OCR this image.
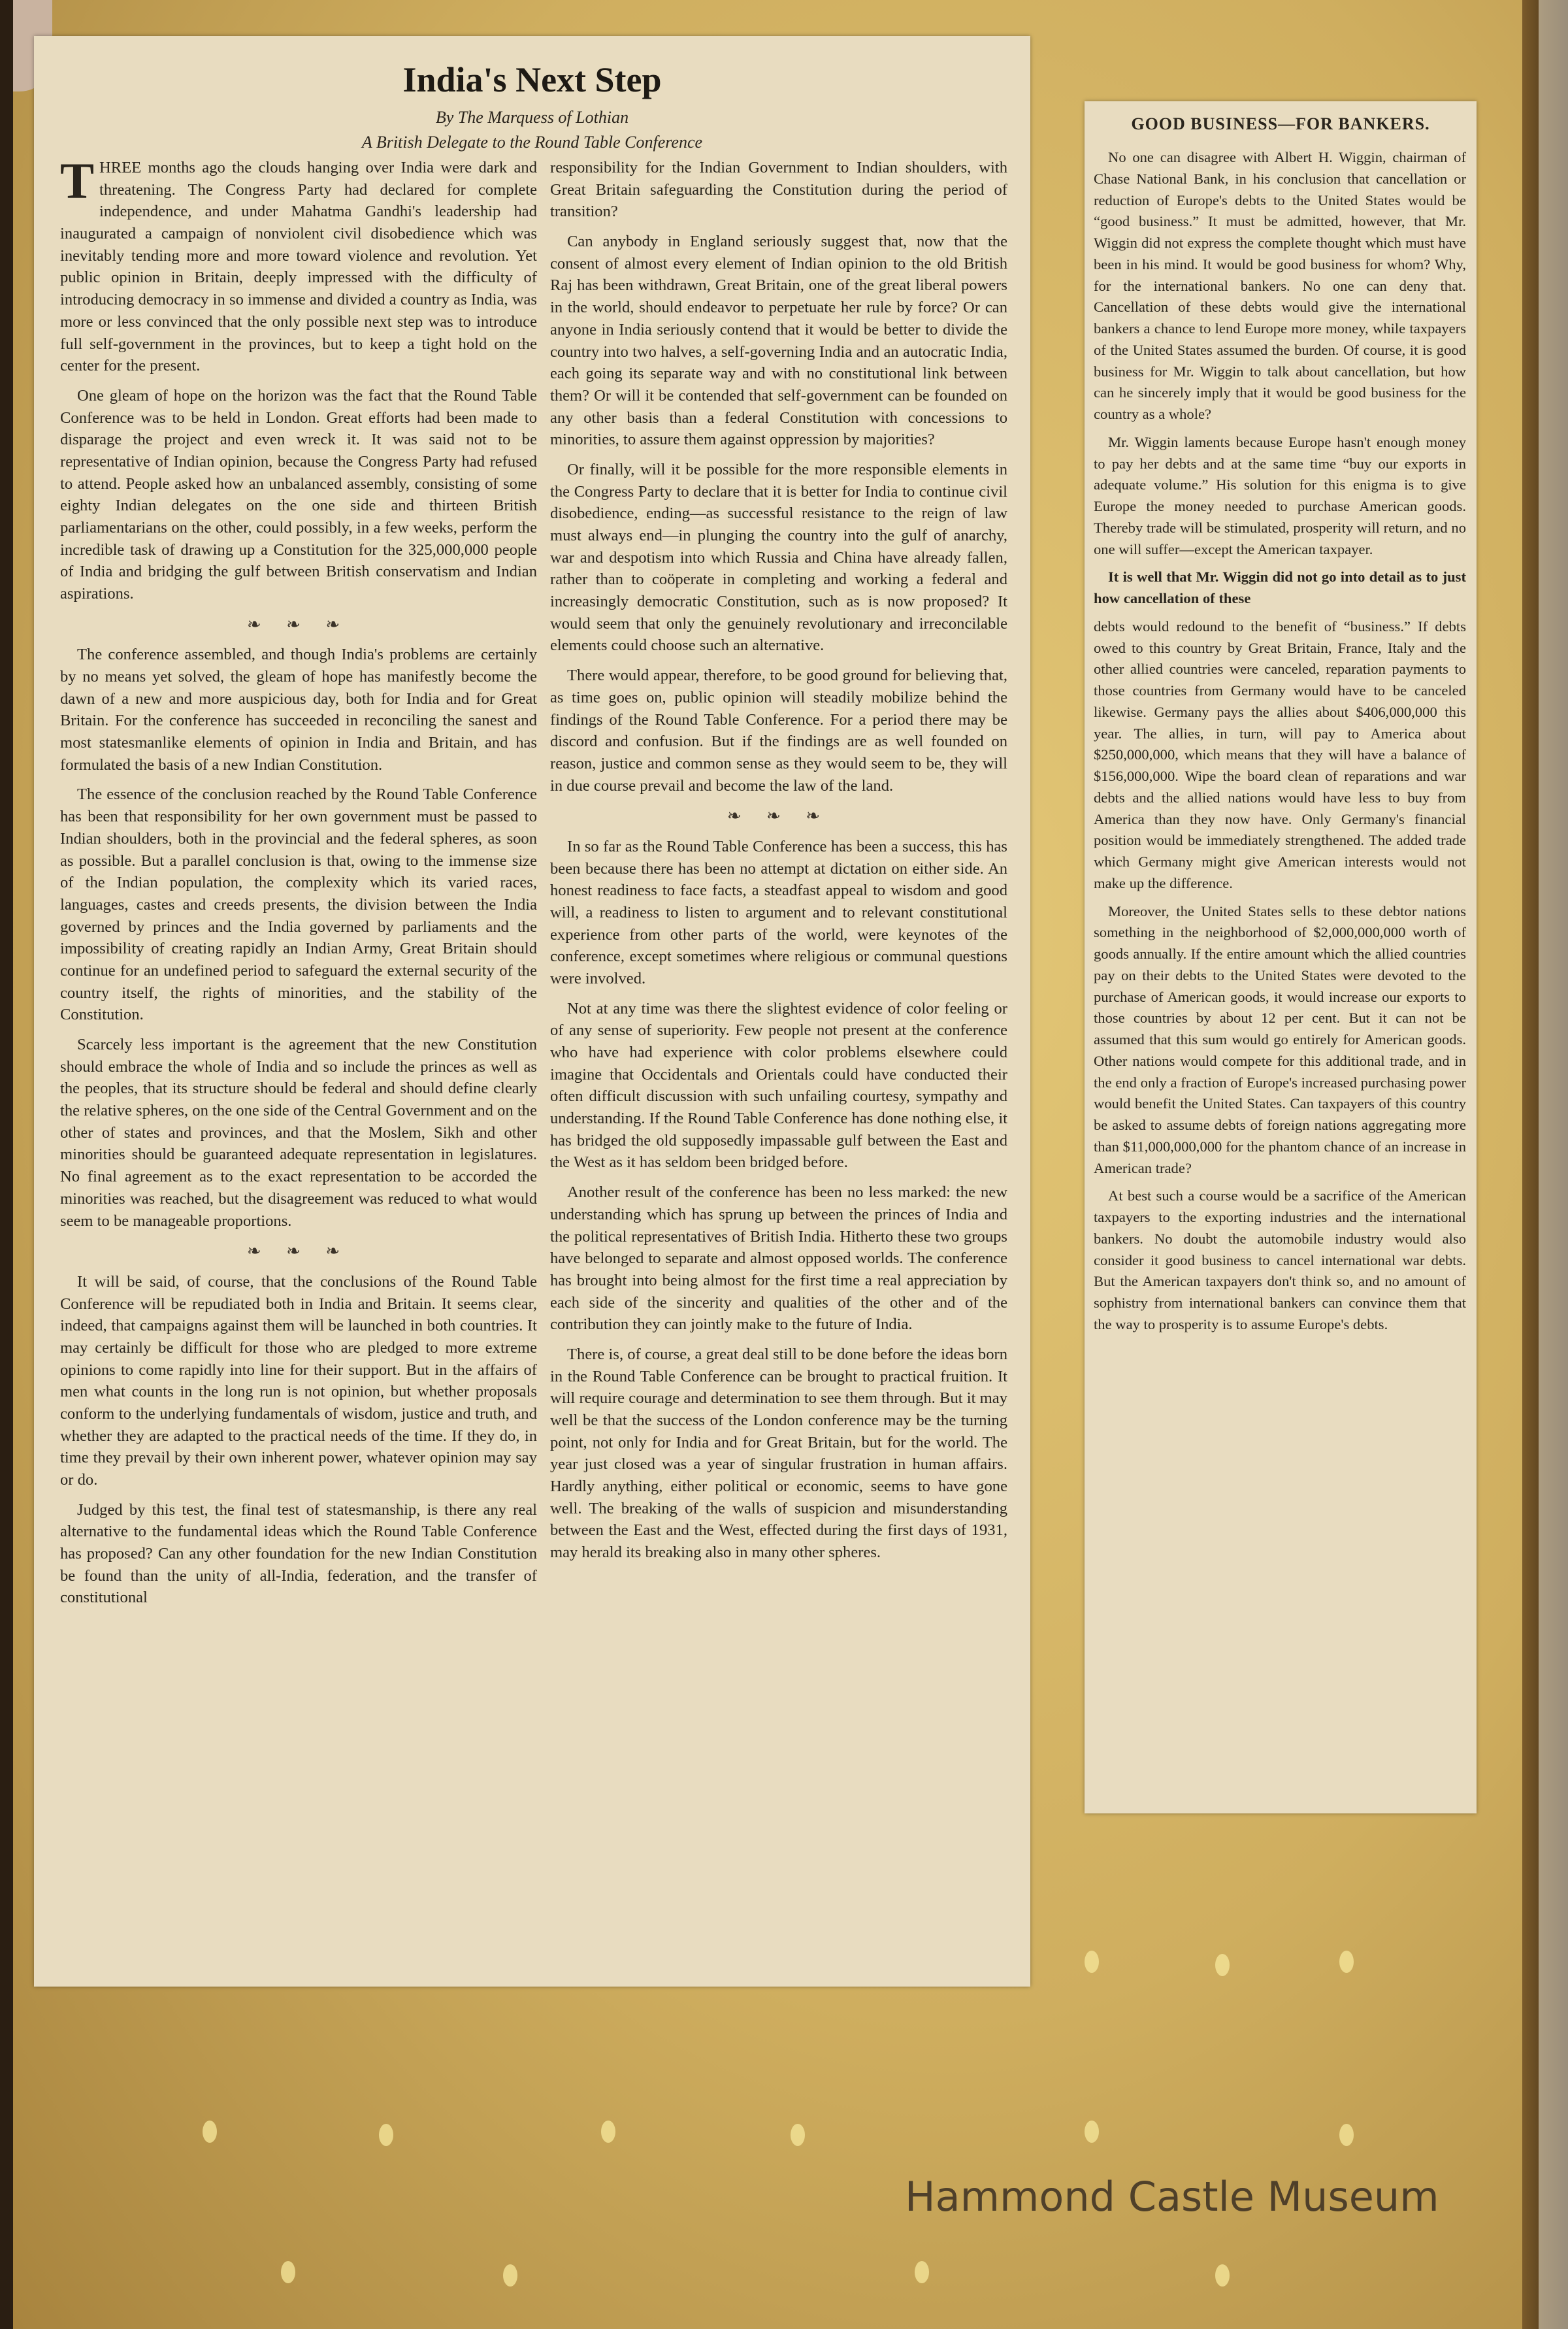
India's Next Step
By The Marquess of Lothian
A British Delegate to the Round Table Conference

THREE months ago the clouds hanging over India were dark and threatening. The Congress Party had declared for complete independence, and under Mahatma Gandhi's leadership had inaugurated a campaign of nonviolent civil disobedience which was inevitably tending more and more toward violence and revolution. Yet public opinion in Britain, deeply impressed with the difficulty of introducing democracy in so immense and divided a country as India, was more or less convinced that the only possible next step was to introduce full self-government in the provinces, but to keep a tight hold on the center for the present.

One gleam of hope on the horizon was the fact that the Round Table Conference was to be held in London. Great efforts had been made to disparage the project and even wreck it. It was said not to be representative of Indian opinion, because the Congress Party had refused to attend. People asked how an unbalanced assembly, consisting of some eighty Indian delegates on the one side and thirteen British parliamentarians on the other, could possibly, in a few weeks, perform the incredible task of drawing up a Constitution for the 325,000,000 people of India and bridging the gulf between British conservatism and Indian aspirations.

❧ ❧ ❧

The conference assembled, and though India's problems are certainly by no means yet solved, the gleam of hope has manifestly become the dawn of a new and more auspicious day, both for India and for Great Britain. For the conference has succeeded in reconciling the sanest and most statesmanlike elements of opinion in India and Britain, and has formulated the basis of a new Indian Constitution.

The essence of the conclusion reached by the Round Table Conference has been that responsibility for her own government must be passed to Indian shoulders, both in the provincial and the federal spheres, as soon as possible. But a parallel conclusion is that, owing to the immense size of the Indian population, the complexity which its varied races, languages, castes and creeds presents, the division between the India governed by princes and the India governed by parliaments and the impossibility of creating rapidly an Indian Army, Great Britain should continue for an undefined period to safeguard the external security of the country itself, the rights of minorities, and the stability of the Constitution.

Scarcely less important is the agreement that the new Constitution should embrace the whole of India and so include the princes as well as the peoples, that its structure should be federal and should define clearly the relative spheres, on the one side of the Central Government and on the other of states and provinces, and that the Moslem, Sikh and other minorities should be guaranteed adequate representation in legislatures. No final agreement as to the exact representation to be accorded the minorities was reached, but the disagreement was reduced to what would seem to be manageable proportions.

❧ ❧ ❧

It will be said, of course, that the conclusions of the Round Table Conference will be repudiated both in India and Britain. It seems clear, indeed, that campaigns against them will be launched in both countries. It may certainly be difficult for those who are pledged to more extreme opinions to come rapidly into line for their support. But in the affairs of men what counts in the long run is not opinion, but whether proposals conform to the underlying fundamentals of wisdom, justice and truth, and whether they are adapted to the practical needs of the time. If they do, in time they prevail by their own inherent power, whatever opinion may say or do.

Judged by this test, the final test of statesmanship, is there any real alternative to the fundamental ideas which the Round Table Conference has proposed? Can any other foundation for the new Indian Constitution be found than the unity of all-India, federation, and the transfer of constitutional

responsibility for the Indian Government to Indian shoulders, with Great Britain safeguarding the Constitution during the period of transition?

Can anybody in England seriously suggest that, now that the consent of almost every element of Indian opinion to the old British Raj has been withdrawn, Great Britain, one of the great liberal powers in the world, should endeavor to perpetuate her rule by force? Or can anyone in India seriously contend that it would be better to divide the country into two halves, a self-governing India and an autocratic India, each going its separate way and with no constitutional link between them? Or will it be contended that self-government can be founded on any other basis than a federal Constitution with concessions to minorities, to assure them against oppression by majorities?

Or finally, will it be possible for the more responsible elements in the Congress Party to declare that it is better for India to continue civil disobedience, ending—as successful resistance to the reign of law must always end—in plunging the country into the gulf of anarchy, war and despotism into which Russia and China have already fallen, rather than to coöperate in completing and working a federal and increasingly democratic Constitution, such as is now proposed? It would seem that only the genuinely revolutionary and irreconcilable elements could choose such an alternative.

There would appear, therefore, to be good ground for believing that, as time goes on, public opinion will steadily mobilize behind the findings of the Round Table Conference. For a period there may be discord and confusion. But if the findings are as well founded on reason, justice and common sense as they would seem to be, they will in due course prevail and become the law of the land.

❧ ❧ ❧

In so far as the Round Table Conference has been a success, this has been because there has been no attempt at dictation on either side. An honest readiness to face facts, a steadfast appeal to wisdom and good will, a readiness to listen to argument and to relevant constitutional experience from other parts of the world, were keynotes of the conference, except sometimes where religious or communal questions were involved.

Not at any time was there the slightest evidence of color feeling or of any sense of superiority. Few people not present at the conference who have had experience with color problems elsewhere could imagine that Occidentals and Orientals could have conducted their often difficult discussion with such unfailing courtesy, sympathy and understanding. If the Round Table Conference has done nothing else, it has bridged the old supposedly impassable gulf between the East and the West as it has seldom been bridged before.

Another result of the conference has been no less marked: the new understanding which has sprung up between the princes of India and the political representatives of British India. Hitherto these two groups have belonged to separate and almost opposed worlds. The conference has brought into being almost for the first time a real appreciation by each side of the sincerity and qualities of the other and of the contribution they can jointly make to the future of India.

There is, of course, a great deal still to be done before the ideas born in the Round Table Conference can be brought to practical fruition. It will require courage and determination to see them through. But it may well be that the success of the London conference may be the turning point, not only for India and for Great Britain, but for the world. The year just closed was a year of singular frustration in human affairs. Hardly anything, either political or economic, seems to have gone well. The breaking of the walls of suspicion and misunderstanding between the East and the West, effected during the first days of 1931, may herald its breaking also in many other spheres.

GOOD BUSINESS—FOR BANKERS.

No one can disagree with Albert H. Wiggin, chairman of Chase National Bank, in his conclusion that cancellation or reduction of Europe's debts to the United States would be “good business.” It must be admitted, however, that Mr. Wiggin did not express the complete thought which must have been in his mind. It would be good business for whom? Why, for the international bankers. No one can deny that. Cancellation of these debts would give the international bankers a chance to lend Europe more money, while taxpayers of the United States assumed the burden. Of course, it is good business for Mr. Wiggin to talk about cancellation, but how can he sincerely imply that it would be good business for the country as a whole?

Mr. Wiggin laments because Europe hasn't enough money to pay her debts and at the same time “buy our exports in adequate volume.” His solution for this enigma is to give Europe the money needed to purchase American goods. Thereby trade will be stimulated, prosperity will return, and no one will suffer—except the American taxpayer.

It is well that Mr. Wiggin did not go into detail as to just how cancellation of these

debts would redound to the benefit of “business.” If debts owed to this country by Great Britain, France, Italy and the other allied countries were canceled, reparation payments to those countries from Germany would have to be canceled likewise. Germany pays the allies about $406,000,000 this year. The allies, in turn, will pay to America about $250,000,000, which means that they will have a balance of $156,000,000. Wipe the board clean of reparations and war debts and the allied nations would have less to buy from America than they now have. Only Germany's financial position would be immediately strengthened. The added trade which Germany might give American interests would not make up the difference.

Moreover, the United States sells to these debtor nations something in the neighborhood of $2,000,000,000 worth of goods annually. If the entire amount which the allied countries pay on their debts to the United States were devoted to the purchase of American goods, it would increase our exports to those countries by about 12 per cent. But it can not be assumed that this sum would go entirely for American goods. Other nations would compete for this additional trade, and in the end only a fraction of Europe's increased purchasing power would benefit the United States. Can taxpayers of this country be asked to assume debts of foreign nations aggregating more than $11,000,000,000 for the phantom chance of an increase in American trade?

At best such a course would be a sacrifice of the American taxpayers to the exporting industries and the international bankers. No doubt the automobile industry would also consider it good business to cancel international war debts. But the American taxpayers don't think so, and no amount of sophistry from international bankers can convince them that the way to prosperity is to assume Europe's debts.

Hammond Castle Museum
